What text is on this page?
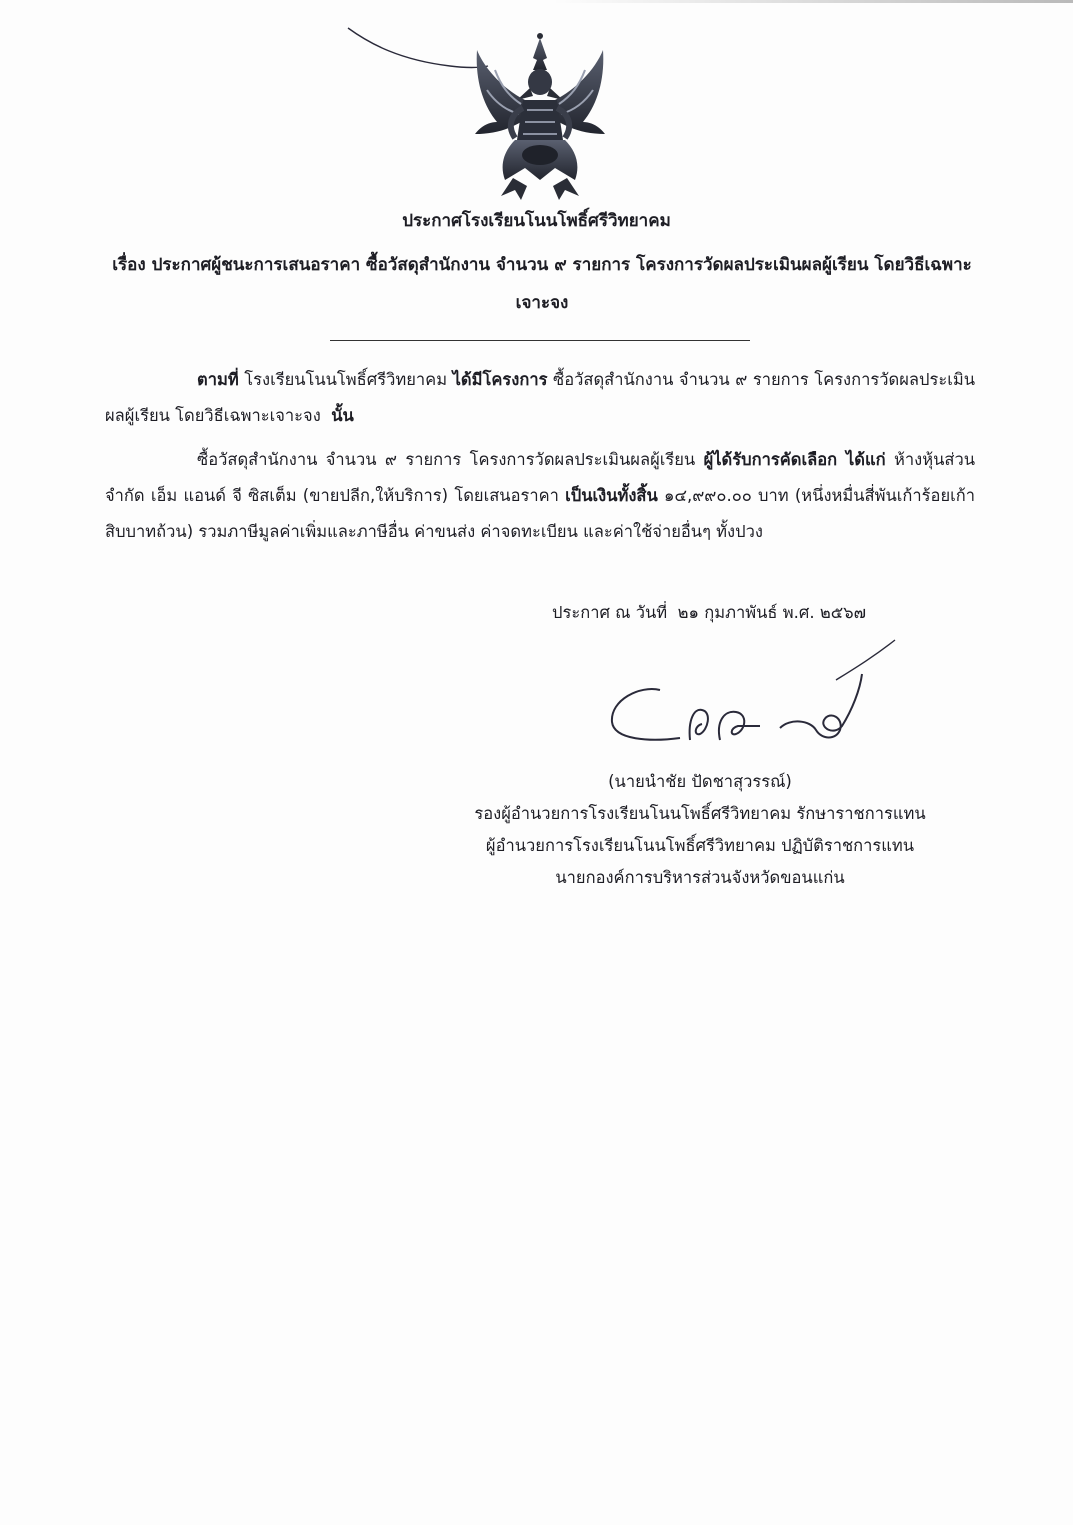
ประกาศโรงเรียนโนนโพธิ์ศรีวิทยาคม
เรื่อง ประกาศผู้ชนะการเสนอราคา ซื้อวัสดุสำนักงาน จำนวน ๙ รายการ โครงการวัดผลประเมินผลผู้เรียน โดยวิธีเฉพาะเจาะจง
ตามที่ โรงเรียนโนนโพธิ์ศรีวิทยาคม ได้มีโครงการ ซื้อวัสดุสำนักงาน จำนวน ๙ รายการ โครงการวัดผลประเมินผลผู้เรียน โดยวิธีเฉพาะเจาะจง นั้น
ซื้อวัสดุสำนักงาน จำนวน ๙ รายการ โครงการวัดผลประเมินผลผู้เรียน ผู้ได้รับการคัดเลือก ได้แก่ ห้างหุ้นส่วนจำกัด เอ็ม แอนด์ จี ซิสเต็ม (ขายปลีก,ให้บริการ) โดยเสนอราคา เป็นเงินทั้งสิ้น ๑๔,๙๙๐.๐๐ บาท (หนึ่งหมื่นสี่พันเก้าร้อยเก้าสิบบาทถ้วน) รวมภาษีมูลค่าเพิ่มและภาษีอื่น ค่าขนส่ง ค่าจดทะเบียน และค่าใช้จ่ายอื่นๆ ทั้งปวง
ประกาศ ณ วันที่ ๒๑ กุมภาพันธ์ พ.ศ. ๒๕๖๗
(นายนำชัย ปัดชาสุวรรณ์)
รองผู้อำนวยการโรงเรียนโนนโพธิ์ศรีวิทยาคม รักษาราชการแทน
ผู้อำนวยการโรงเรียนโนนโพธิ์ศรีวิทยาคม ปฏิบัติราชการแทน
นายกองค์การบริหารส่วนจังหวัดขอนแก่น
